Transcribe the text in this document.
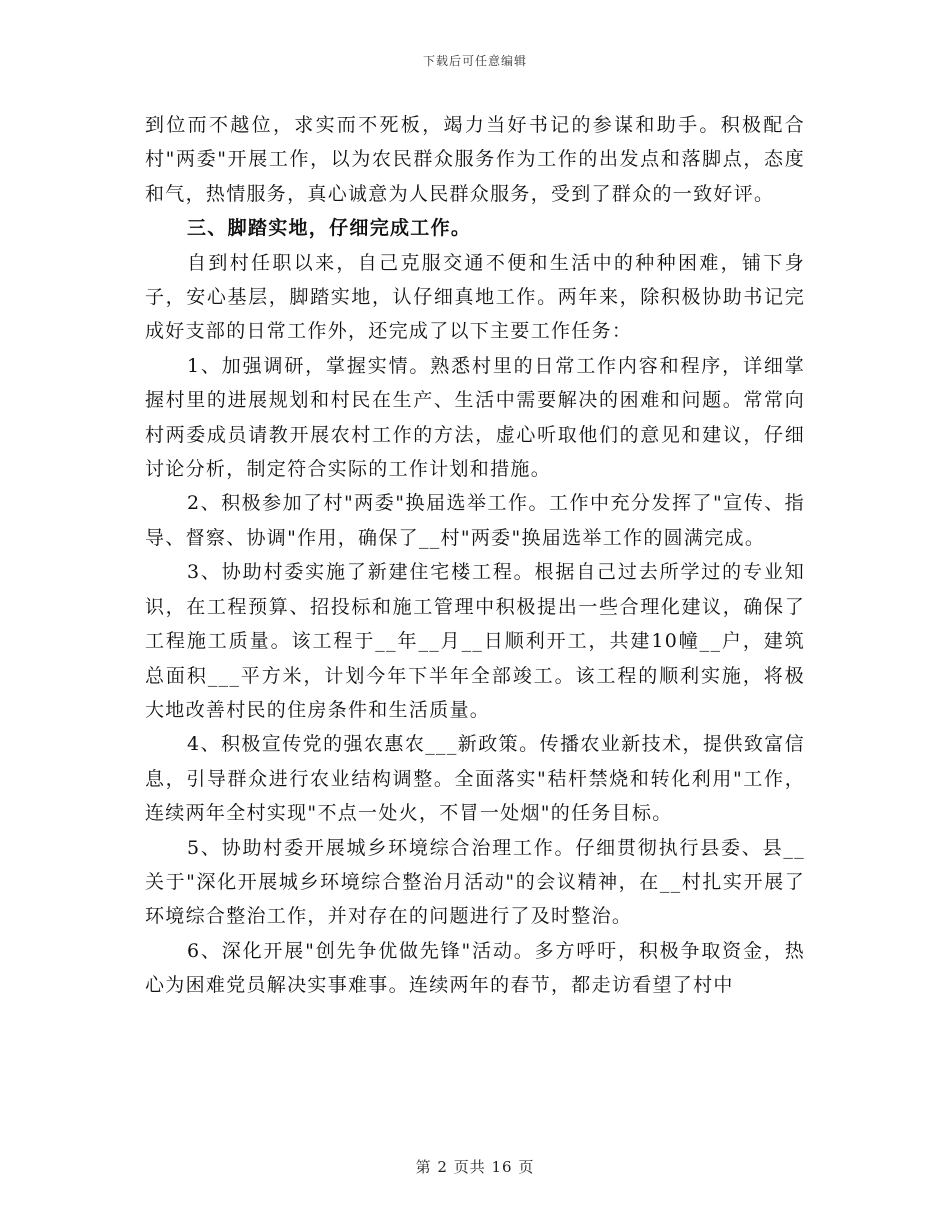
下载后可任意编辑

到位而不越位，求实而不死板，竭力当好书记的参谋和助手。积极配合村"两委"开展工作，以为农民群众服务作为工作的出发点和落脚点，态度和气，热情服务，真心诚意为人民群众服务，受到了群众的一致好评。

三、脚踏实地，仔细完成工作。

自到村任职以来，自己克服交通不便和生活中的种种困难，铺下身子，安心基层，脚踏实地，认仔细真地工作。两年来，除积极协助书记完成好支部的日常工作外，还完成了以下主要工作任务：

1、加强调研，掌握实情。熟悉村里的日常工作内容和程序，详细掌握村里的进展规划和村民在生产、生活中需要解决的困难和问题。常常向村两委成员请教开展农村工作的方法，虚心听取他们的意见和建议，仔细讨论分析，制定符合实际的工作计划和措施。

2、积极参加了村"两委"换届选举工作。工作中充分发挥了"宣传、指导、督察、协调"作用，确保了__村"两委"换届选举工作的圆满完成。

3、协助村委实施了新建住宅楼工程。根据自己过去所学过的专业知识，在工程预算、招投标和施工管理中积极提出一些合理化建议，确保了工程施工质量。该工程于__年__月__日顺利开工，共建10幢__户，建筑总面积___平方米，计划今年下半年全部竣工。该工程的顺利实施，将极大地改善村民的住房条件和生活质量。

4、积极宣传党的强农惠农___新政策。传播农业新技术，提供致富信息，引导群众进行农业结构调整。全面落实"秸杆禁烧和转化利用"工作，连续两年全村实现"不点一处火，不冒一处烟"的任务目标。

5、协助村委开展城乡环境综合治理工作。仔细贯彻执行县委、县__关于"深化开展城乡环境综合整治月活动"的会议精神，在__村扎实开展了环境综合整治工作，并对存在的问题进行了及时整治。

6、深化开展"创先争优做先锋"活动。多方呼吁，积极争取资金，热心为困难党员解决实事难事。连续两年的春节，都走访看望了村中

第 2 页共 16 页
